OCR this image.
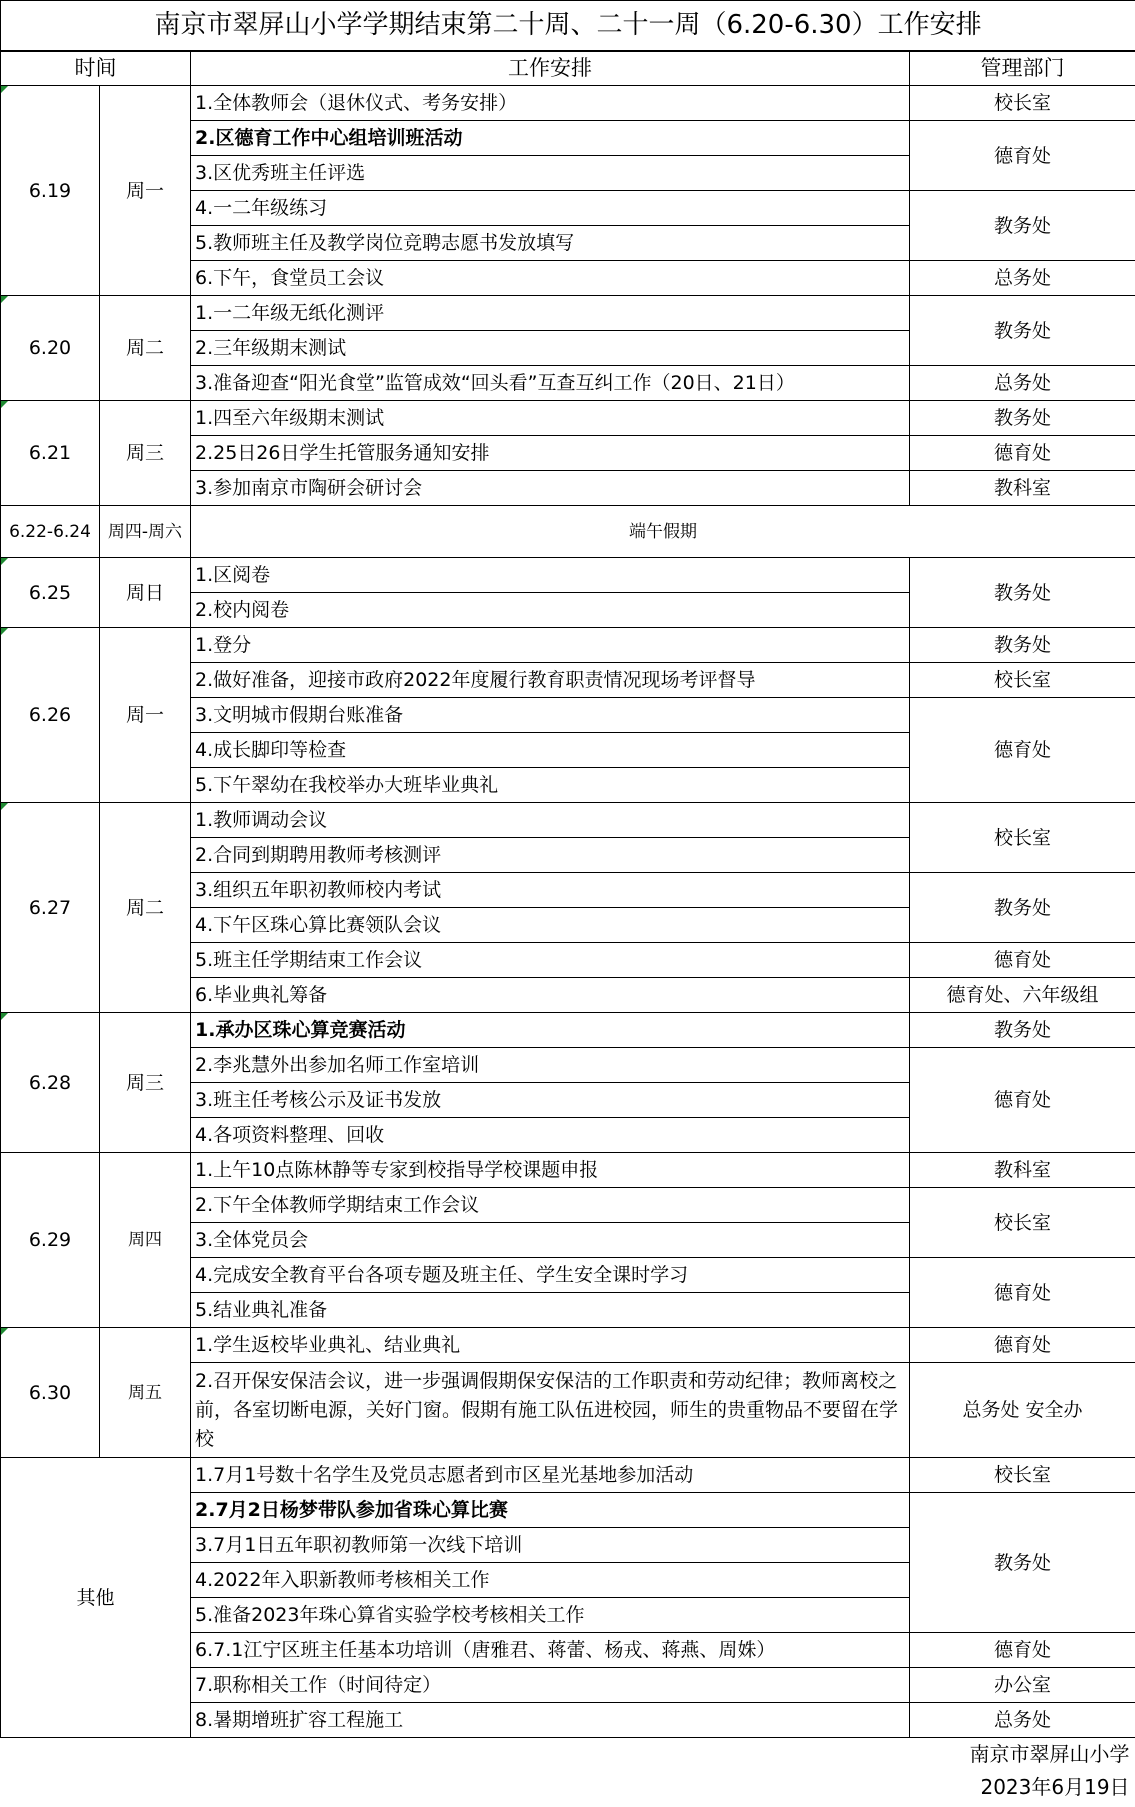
南京市翠屏山小学学期结束第二十周、二十一周（6.20-6.30）工作安排			
时间		工作安排	管理部门
6.19	周一	1.全体教师会（退休仪式、考务安排）	校长室
		2.区德育工作中心组培训班活动	德育处
		3.区优秀班主任评选	
		4.一二年级练习	教务处
		5.教师班主任及教学岗位竞聘志愿书发放填写	
		6.下午，食堂员工会议	总务处
6.20	周二	1.一二年级无纸化测评	教务处
		2.三年级期末测试	
		3.准备迎查“阳光食堂”监管成效“回头看”互查互纠工作（20日、21日）	总务处
6.21	周三	1.四至六年级期末测试	教务处
		2.25日26日学生托管服务通知安排	德育处
		3.参加南京市陶研会研讨会	教科室
6.22-6.24	周四-周六	端午假期	
6.25	周日	1.区阅卷	教务处
		2.校内阅卷	
6.26	周一	1.登分	教务处
		2.做好准备，迎接市政府2022年度履行教育职责情况现场考评督导	校长室
		3.文明城市假期台账准备	德育处
		4.成长脚印等检查	
		5.下午翠幼在我校举办大班毕业典礼	
6.27	周二	1.教师调动会议	校长室
		2.合同到期聘用教师考核测评	
		3.组织五年职初教师校内考试	教务处
		4.下午区珠心算比赛领队会议	
		5.班主任学期结束工作会议	德育处
		6.毕业典礼筹备	德育处、六年级组
6.28	周三	1.承办区珠心算竞赛活动	教务处
		2.李兆慧外出参加名师工作室培训	德育处
		3.班主任考核公示及证书发放	
		4.各项资料整理、回收	
6.29	周四	1.上午10点陈林静等专家到校指导学校课题申报	教科室
		2.下午全体教师学期结束工作会议	校长室
		3.全体党员会	
		4.完成安全教育平台各项专题及班主任、学生安全课时学习	德育处
		5.结业典礼准备	
6.30	周五	1.学生返校毕业典礼、结业典礼	德育处
		2.召开保安保洁会议，进一步强调假期保安保洁的工作职责和劳动纪律；教师离校之前，各室切断电源，关好门窗。假期有施工队伍进校园，师生的贵重物品不要留在学校	总务处 安全办
其他		1.7月1号数十名学生及党员志愿者到市区星光基地参加活动	校长室
		2.7月2日杨梦带队参加省珠心算比赛	教务处
		3.7月1日五年职初教师第一次线下培训	
		4.2022年入职新教师考核相关工作	
		5.准备2023年珠心算省实验学校考核相关工作	
		6.7.1江宁区班主任基本功培训（唐雅君、蒋蕾、杨戎、蒋燕、周姝）	德育处
		7.职称相关工作（时间待定）	办公室
		8.暑期增班扩容工程施工	总务处
南京市翠屏山小学			
2023年6月19日			
